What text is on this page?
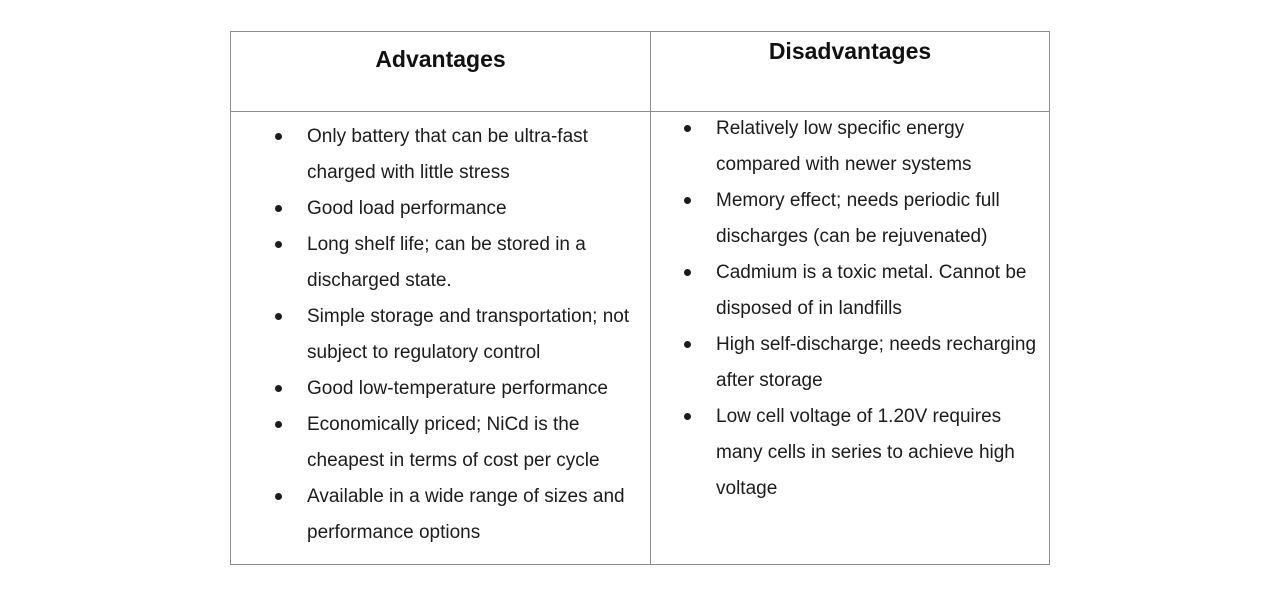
Advantages	Disadvantages
Only battery that can be ultra-fast charged with little stress
Good load performance
Long shelf life; can be stored in a discharged state.
Simple storage and transportation; not subject to regulatory control
Good low-temperature performance
Economically priced; NiCd is the cheapest in terms of cost per cycle
Available in a wide range of sizes and performance options
Relatively low specific energy compared with newer systems
Memory effect; needs periodic full discharges (can be rejuvenated)
Cadmium is a toxic metal. Cannot be disposed of in landfills
High self-discharge; needs recharging after storage
Low cell voltage of 1.20V requires many cells in series to achieve high voltage
